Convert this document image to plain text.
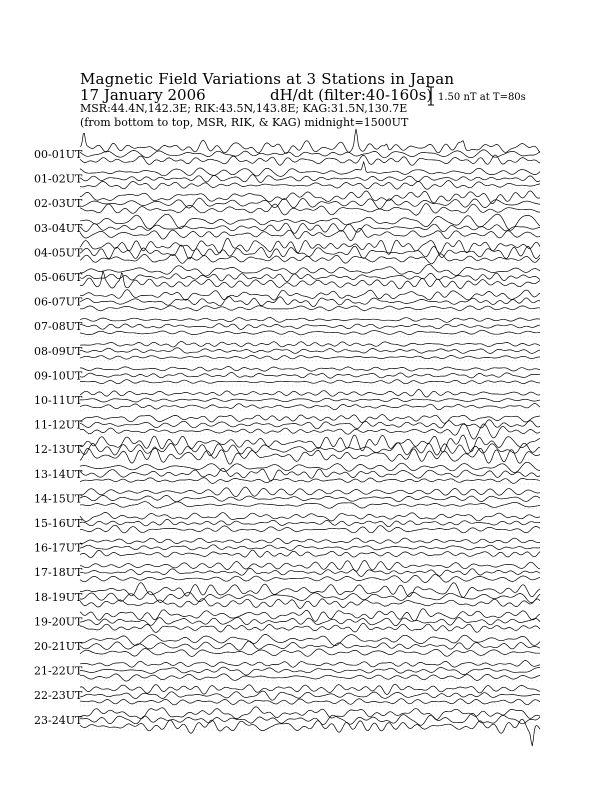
Magnetic Field Variations at 3 Stations in Japan
17 January 2006	dH/dt (filter:40-160s)
MSR:44.4N,142.3E; RIK:43.5N,143.8E; KAG:31.5N,130.7E
(from bottom to top, MSR, RIK, & KAG) midnight=1500UT
1.50 nT at T=80s
00-01UT
01-02UT
02-03UT
03-04UT
04-05UT
05-06UT
06-07UT
07-08UT
08-09UT
09-10UT
10-11UT
11-12UT
12-13UT
13-14UT
14-15UT
15-16UT
16-17UT
17-18UT
18-19UT
19-20UT
20-21UT
21-22UT
22-23UT
23-24UT
